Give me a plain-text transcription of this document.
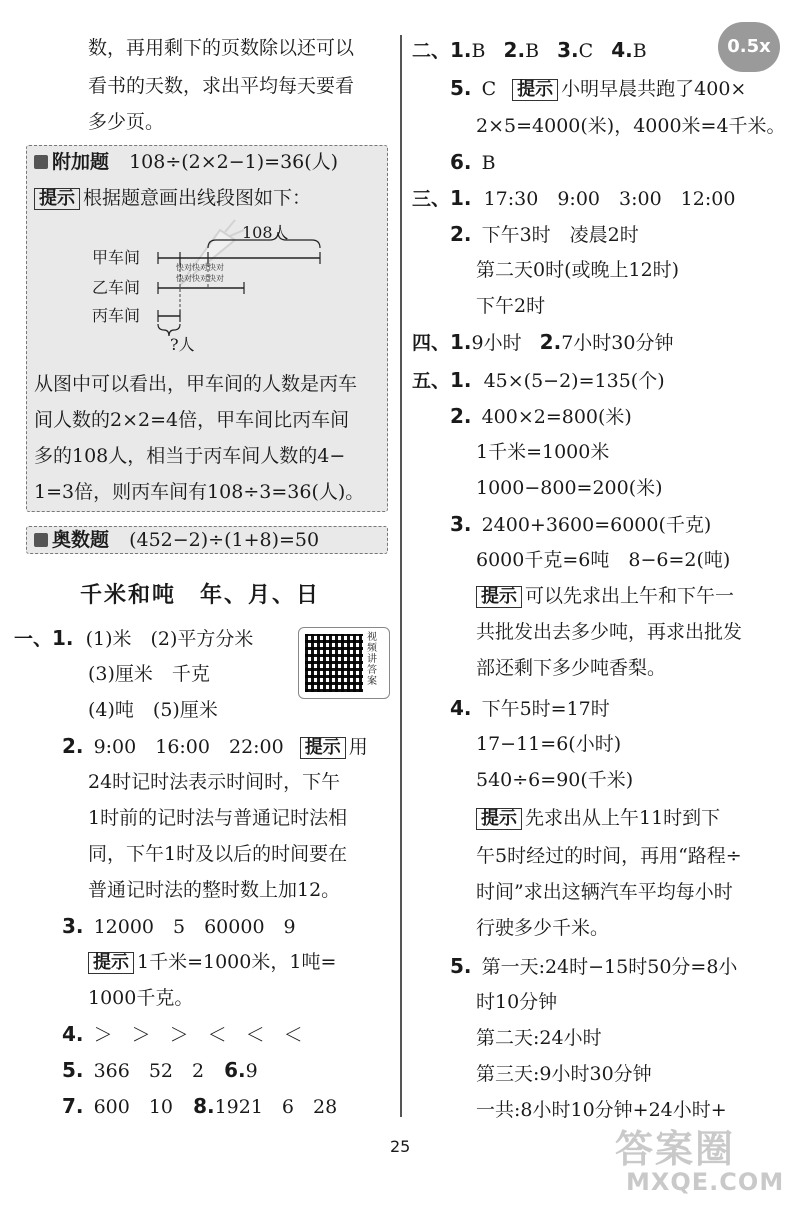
0.5x
数，再用剩下的页数除以还可以
看书的天数，求出平均每天要看
多少页。
附加题 108÷(2×2−1)=36(人)
提示 根据题意画出线段图如下：
108人
甲车间
乙车间
丙车间
快对快对快对
快对快对快对
?人
从图中可以看出，甲车间的人数是丙车
间人数的2×2=4倍，甲车间比丙车间
多的108人，相当于丙车间人数的4−
1=3倍，则丙车间有108÷3=36(人)。
奥数题 (452−2)÷(1+8)=50
千米和吨　年、月、日
视频讲答案
一、1. (1)米　(2)平方分米
(3)厘米　千克
(4)吨　(5)厘米
2. 9:00　16:00　22:00 提示 用
24时记时法表示时间时，下午
1时前的记时法与普通记时法相
同，下午1时及以后的时间要在
普通记时法的整时数上加12。
3. 12000　5　60000　9
提示 1千米=1000米，1吨=
1000千克。
4. ＞　＞　＞　＜　＜　＜
5. 366　52　2 6.9
7. 600　10 8.1921　6　28
二、1.B 2.B 3.C 4.B
5. C 提示 小明早晨共跑了400×
2×5=4000(米)，4000米=4千米。
6. B
三、1. 17:30　9:00　3:00　12:00
2. 下午3时　凌晨2时
第二天0时(或晚上12时)
下午2时
四、1.9小时 2.7小时30分钟
五、1. 45×(5−2)=135(个)
2. 400×2=800(米)
1千米=1000米
1000−800=200(米)
3. 2400+3600=6000(千克)
6000千克=6吨　8−6=2(吨)
提示 可以先求出上午和下午一
共批发出去多少吨，再求出批发
部还剩下多少吨香梨。
4. 下午5时=17时
17−11=6(小时)
540÷6=90(千米)
提示 先求出从上午11时到下
午5时经过的时间，再用“路程÷
时间”求出这辆汽车平均每小时
行驶多少千米。
5. 第一天:24时−15时50分=8小
时10分钟
第二天:24小时
第三天:9小时30分钟
一共:8小时10分钟+24小时+
25	答案圈
MXQE.COM
